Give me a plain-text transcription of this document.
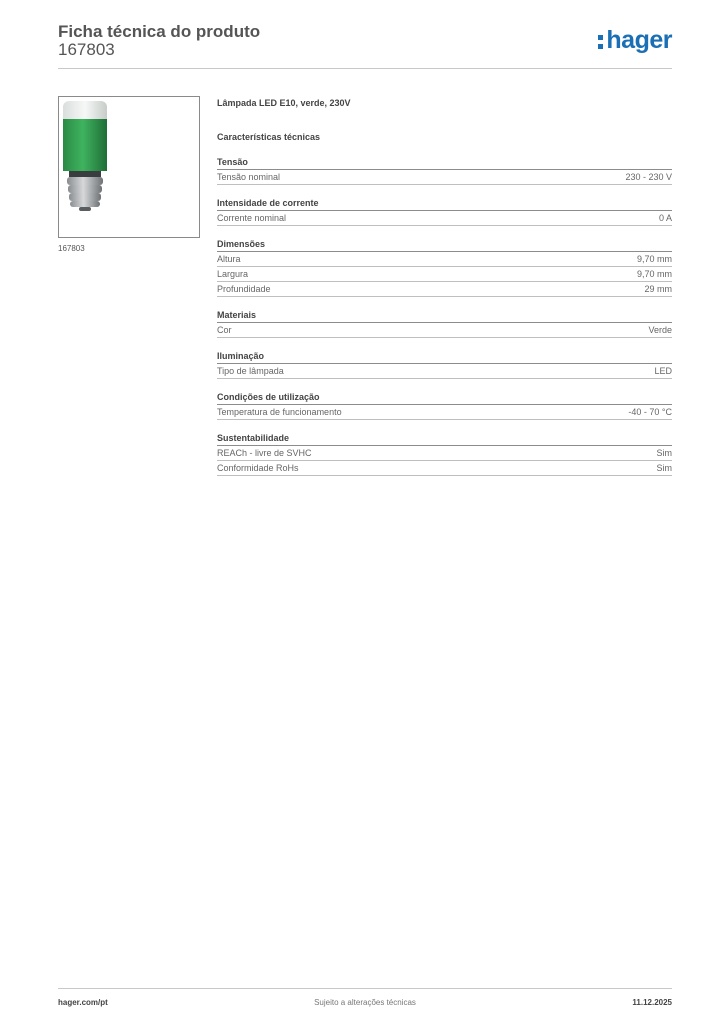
Ficha técnica do produto
167803	hager
167803
Lâmpada LED E10, verde, 230V
Características técnicas
Tensão
Tensão nominal	230 - 230 V
Intensidade de corrente
Corrente nominal	0 A
Dimensões
Altura	9,70 mm
Largura	9,70 mm
Profundidade	29 mm
Materiais
Cor	Verde
Iluminação
Tipo de lâmpada	LED
Condições de utilização
Temperatura de funcionamento	-40 - 70 °C
Sustentabilidade
REACh - livre de SVHC	Sim
Conformidade RoHs	Sim
hager.com/pt	Sujeito a alterações técnicas	11.12.2025
